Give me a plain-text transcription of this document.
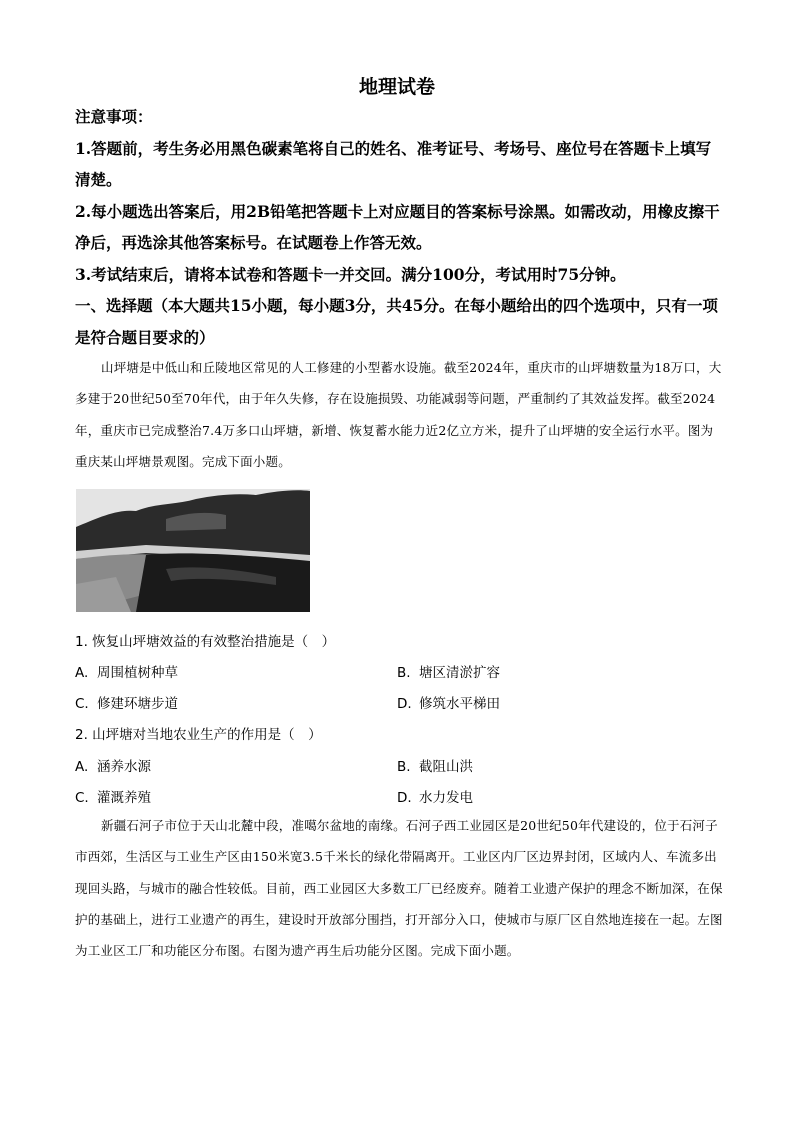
地理试卷

注意事项：

1.答题前，考生务必用黑色碳素笔将自己的姓名、准考证号、考场号、座位号在答题卡上填写清楚。

2.每小题选出答案后，用2B铅笔把答题卡上对应题目的答案标号涂黑。如需改动，用橡皮擦干净后，再选涂其他答案标号。在试题卷上作答无效。

3.考试结束后，请将本试卷和答题卡一并交回。满分100分，考试用时75分钟。

一、选择题（本大题共15小题，每小题3分，共45分。在每小题给出的四个选项中，只有一项是符合题目要求的）

山坪塘是中低山和丘陵地区常见的人工修建的小型蓄水设施。截至2024年，重庆市的山坪塘数量为18万口，大多建于20世纪50至70年代，由于年久失修，存在设施损毁、功能减弱等问题，严重制约了其效益发挥。截至2024年，重庆市已完成整治7.4万多口山坪塘，新增、恢复蓄水能力近2亿立方米，提升了山坪塘的安全运行水平。图为重庆某山坪塘景观图。完成下面小题。

1. 恢复山坪塘效益的有效整治措施是（　）
A. 周围植树种草	B. 塘区清淤扩容
C. 修建环塘步道	D. 修筑水平梯田
2. 山坪塘对当地农业生产的作用是（　）
A. 涵养水源	B. 截阻山洪
C. 灌溉养殖	D. 水力发电

新疆石河子市位于天山北麓中段，准噶尔盆地的南缘。石河子西工业园区是20世纪50年代建设的，位于石河子市西郊，生活区与工业生产区由150米宽3.5千米长的绿化带隔离开。工业区内厂区边界封闭，区域内人、车流多出现回头路，与城市的融合性较低。目前，西工业园区大多数工厂已经废弃。随着工业遗产保护的理念不断加深，在保护的基础上，进行工业遗产的再生，建设时开放部分围挡，打开部分入口，使城市与原厂区自然地连接在一起。左图为工业区工厂和功能区分布图。右图为遗产再生后功能分区图。完成下面小题。
